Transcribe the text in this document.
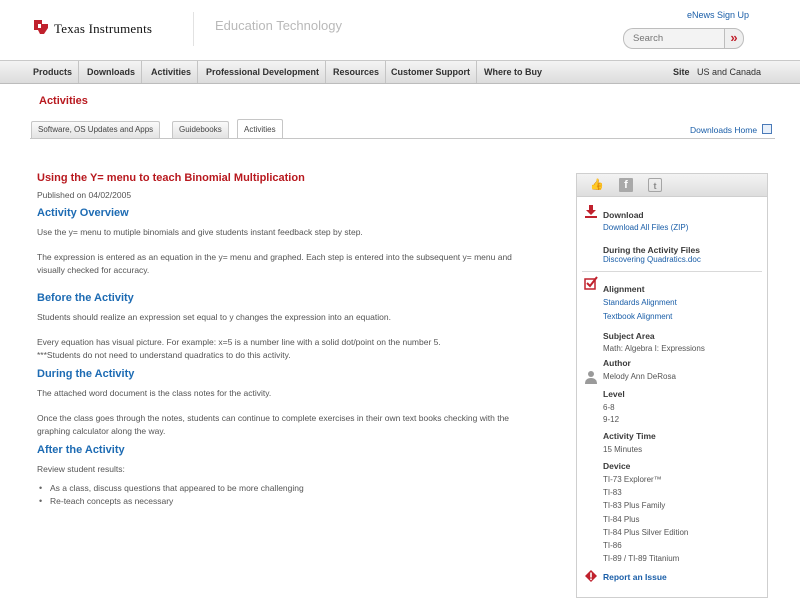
Texas Instruments	Education Technology
eNews Sign Up
Search
»
Products	Downloads	Activities	Professional Development	Resources	Customer Support	Where to Buy	Site US and Canada
Activities
Software, OS Updates and Apps	Guidebooks	Activities	Downloads Home
Using the Y= menu to teach Binomial Multiplication
Published on 04/02/2005
Activity Overview
Use the y= menu to mutiple binomials and give students instant feedback step by step.
The expression is entered as an equation in the y= menu and graphed. Each step is entered into the subsequent y= menu and visually checked for accuracy.
Before the Activity
Students should realize an expression set equal to y changes the expression into an equation.
Every equation has visual picture. For example: x=5 is a number line with a solid dot/point on the number 5.
***Students do not need to understand quadratics to do this activity.
During the Activity
The attached word document is the class notes for the activity.
Once the class goes through the notes, students can continue to complete exercises in their own text books checking with the graphing calculator along the way.
After the Activity
Review student results:
• As a class, discuss questions that appeared to be more challenging
• Re-teach concepts as necessary
👍	f	t
Download
Download All Files (ZIP)
During the Activity Files
Discovering Quadratics.doc
Alignment
Standards Alignment
Textbook Alignment
Subject Area
Math: Algebra I: Expressions
Author
Melody Ann DeRosa
Level
6-8
9-12
Activity Time
15 Minutes
Device
TI-73 Explorer™
TI-83
TI-83 Plus Family
TI-84 Plus
TI-84 Plus Silver Edition
TI-86
TI-89 / TI-89 Titanium
Report an Issue
